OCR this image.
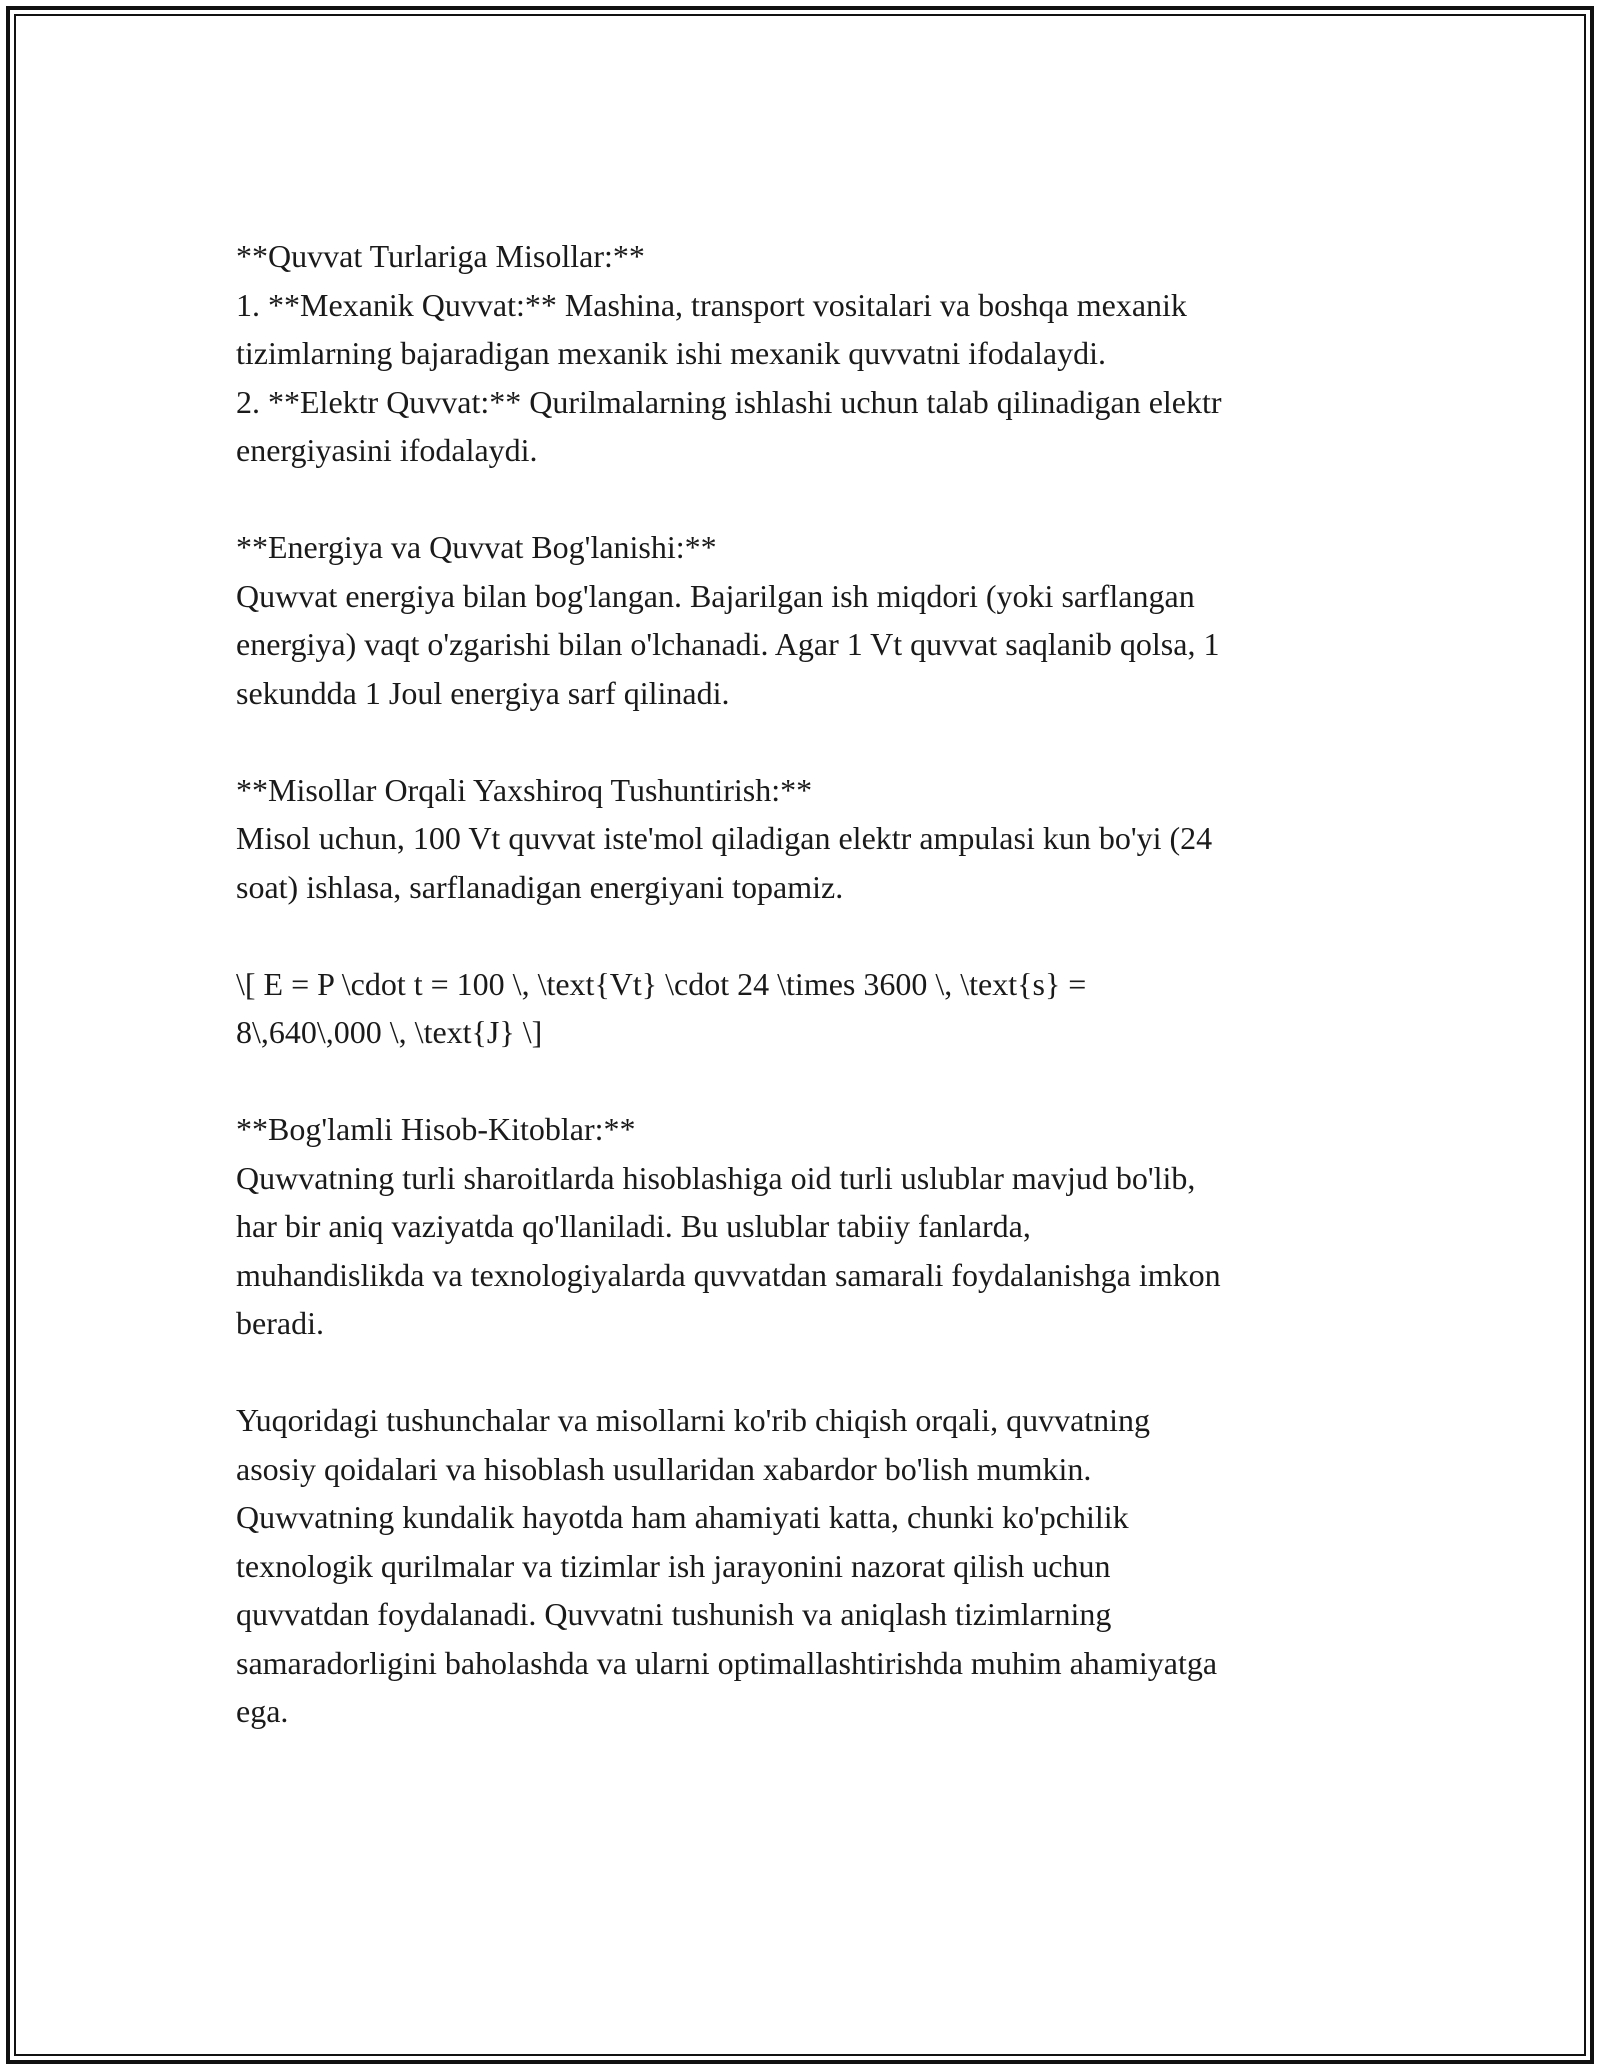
**Quvvat Turlariga Misollar:**
1. **Mexanik Quvvat:** Mashina, transport vositalari va boshqa mexanik
tizimlarning bajaradigan mexanik ishi mexanik quvvatni ifodalaydi.
2. **Elektr Quvvat:** Qurilmalarning ishlashi uchun talab qilinadigan elektr
energiyasini ifodalaydi.
**Energiya va Quvvat Bog'lanishi:**
Quwvat energiya bilan bog'langan. Bajarilgan ish miqdori (yoki sarflangan
energiya) vaqt o'zgarishi bilan o'lchanadi. Agar 1 Vt quvvat saqlanib qolsa, 1
sekundda 1 Joul energiya sarf qilinadi.
**Misollar Orqali Yaxshiroq Tushuntirish:**
Misol uchun, 100 Vt quvvat iste'mol qiladigan elektr ampulasi kun bo'yi (24
soat) ishlasa, sarflanadigan energiyani topamiz.
\[ E = P \cdot t = 100 \, \text{Vt} \cdot 24 \times 3600 \, \text{s} =
8\,640\,000 \, \text{J} \]
**Bog'lamli Hisob-Kitoblar:**
Quwvatning turli sharoitlarda hisoblashiga oid turli uslublar mavjud bo'lib,
har bir aniq vaziyatda qo'llaniladi. Bu uslublar tabiiy fanlarda,
muhandislikda va texnologiyalarda quvvatdan samarali foydalanishga imkon
beradi.
Yuqoridagi tushunchalar va misollarni ko'rib chiqish orqali, quvvatning
asosiy qoidalari va hisoblash usullaridan xabardor bo'lish mumkin.
Quwvatning kundalik hayotda ham ahamiyati katta, chunki ko'pchilik
texnologik qurilmalar va tizimlar ish jarayonini nazorat qilish uchun
quvvatdan foydalanadi. Quvvatni tushunish va aniqlash tizimlarning
samaradorligini baholashda va ularni optimallashtirishda muhim ahamiyatga
ega.
